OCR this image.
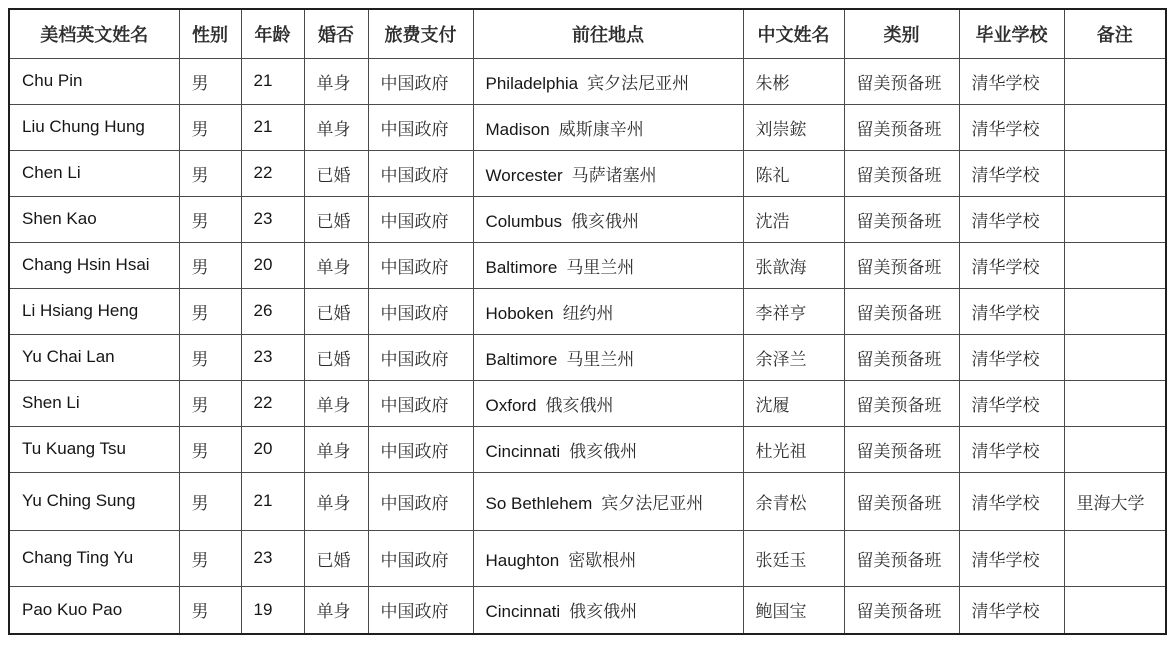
美档英文姓名	性别	年龄	婚否	旅费支付	前往地点	中文姓名	类别	毕业学校	备注
Chu Pin	男	21	单身	中国政府	Philadelphia 宾夕法尼亚州	朱彬	留美预备班	清华学校	
Liu Chung Hung	男	21	单身	中国政府	Madison 威斯康辛州	刘崇鋐	留美预备班	清华学校	
Chen Li	男	22	已婚	中国政府	Worcester 马萨诸塞州	陈礼	留美预备班	清华学校	
Shen Kao	男	23	已婚	中国政府	Columbus 俄亥俄州	沈浩	留美预备班	清华学校	
Chang Hsin Hsai	男	20	单身	中国政府	Baltimore 马里兰州	张歆海	留美预备班	清华学校	
Li Hsiang Heng	男	26	已婚	中国政府	Hoboken 纽约州	李祥亨	留美预备班	清华学校	
Yu Chai Lan	男	23	已婚	中国政府	Baltimore 马里兰州	余泽兰	留美预备班	清华学校	
Shen Li	男	22	单身	中国政府	Oxford 俄亥俄州	沈履	留美预备班	清华学校	
Tu Kuang Tsu	男	20	单身	中国政府	Cincinnati 俄亥俄州	杜光祖	留美预备班	清华学校	
Yu Ching Sung	男	21	单身	中国政府	So Bethlehem 宾夕法尼亚州	余青松	留美预备班	清华学校	里海大学
Chang Ting Yu	男	23	已婚	中国政府	Haughton 密歇根州	张廷玉	留美预备班	清华学校	
Pao Kuo Pao	男	19	单身	中国政府	Cincinnati 俄亥俄州	鲍国宝	留美预备班	清华学校	
